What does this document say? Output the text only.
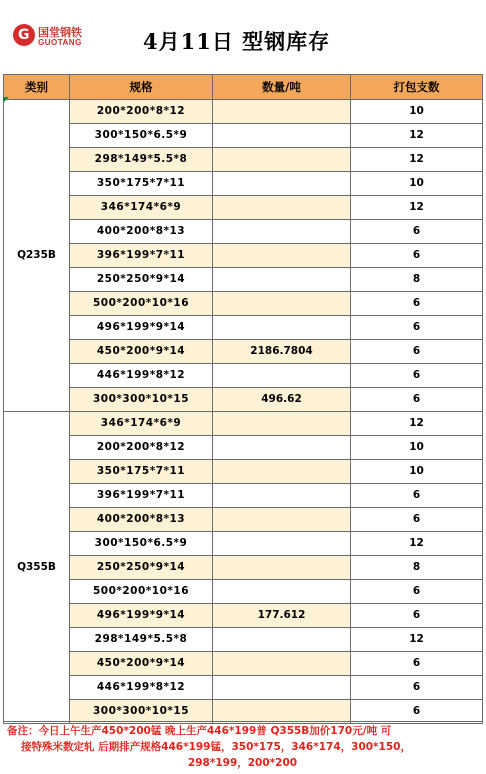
G 国堂钢铁
GUOTANG	4月11日 型钢库存
类别	规格	数量/吨	打包支数
Q235B	200*200*8*12		10
	300*150*6.5*9		12
	298*149*5.5*8		12
	350*175*7*11		10
	346*174*6*9		12
	400*200*8*13		6
	396*199*7*11		6
	250*250*9*14		8
	500*200*10*16		6
	496*199*9*14		6
	450*200*9*14	2186.7804	6
	446*199*8*12		6
	300*300*10*15	496.62	6
Q355B	346*174*6*9		12
	200*200*8*12		10
	350*175*7*11		10
	396*199*7*11		6
	400*200*8*13		6
	300*150*6.5*9		12
	250*250*9*14		8
	500*200*10*16		6
	496*199*9*14	177.612	6
	298*149*5.5*8		12
	450*200*9*14		6
	446*199*8*12		6
	300*300*10*15		6
备注：今日上午生产450*200锰 晚上生产446*199普 Q355B加价170元/吨 可
接特殊米数定轧 后期排产规格446*199锰，350*175，346*174，300*150，
298*199，200*200
